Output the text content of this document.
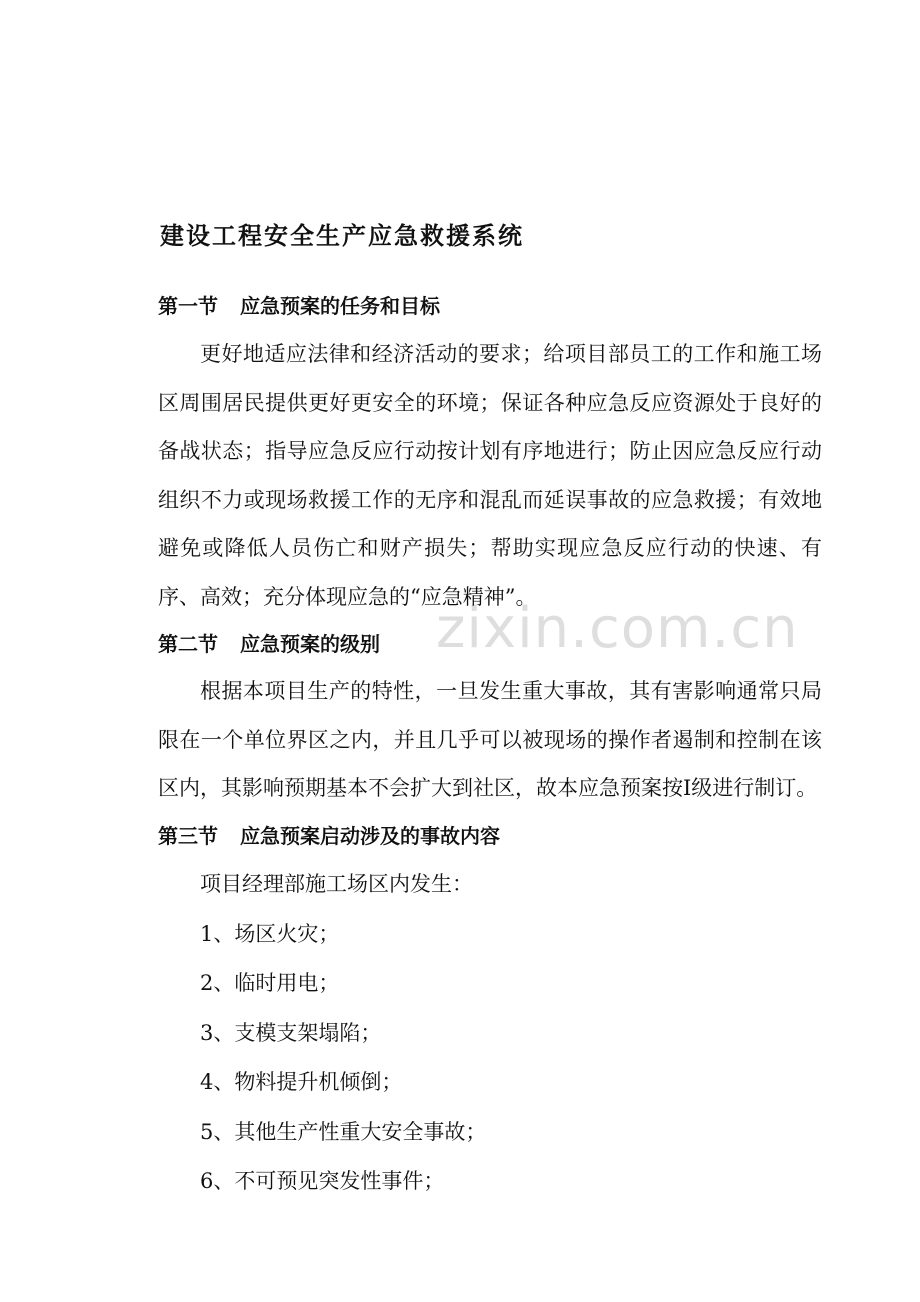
建设工程安全生产应急救援系统
第一节 应急预案的任务和目标

更好地适应法律和经济活动的要求；给项目部员工的工作和施工场区周围居民提供更好更安全的环境；保证各种应急反应资源处于良好的备战状态；指导应急反应行动按计划有序地进行；防止因应急反应行动组织不力或现场救援工作的无序和混乱而延误事故的应急救援；有效地避免或降低人员伤亡和财产损失；帮助实现应急反应行动的快速、有序、高效；充分体现应急的“应急精神”。

第二节 应急预案的级别

根据本项目生产的特性，一旦发生重大事故，其有害影响通常只局限在一个单位界区之内，并且几乎可以被现场的操作者遏制和控制在该区内，其影响预期基本不会扩大到社区，故本应急预案按Ⅰ级进行制订。

第三节 应急预案启动涉及的事故内容
项目经理部施工场区内发生：
1、场区火灾；
2、临时用电；
3、支模支架塌陷；
4、物料提升机倾倒；
5、其他生产性重大安全事故；
6、不可预见突发性事件；
zixin.com.cn
